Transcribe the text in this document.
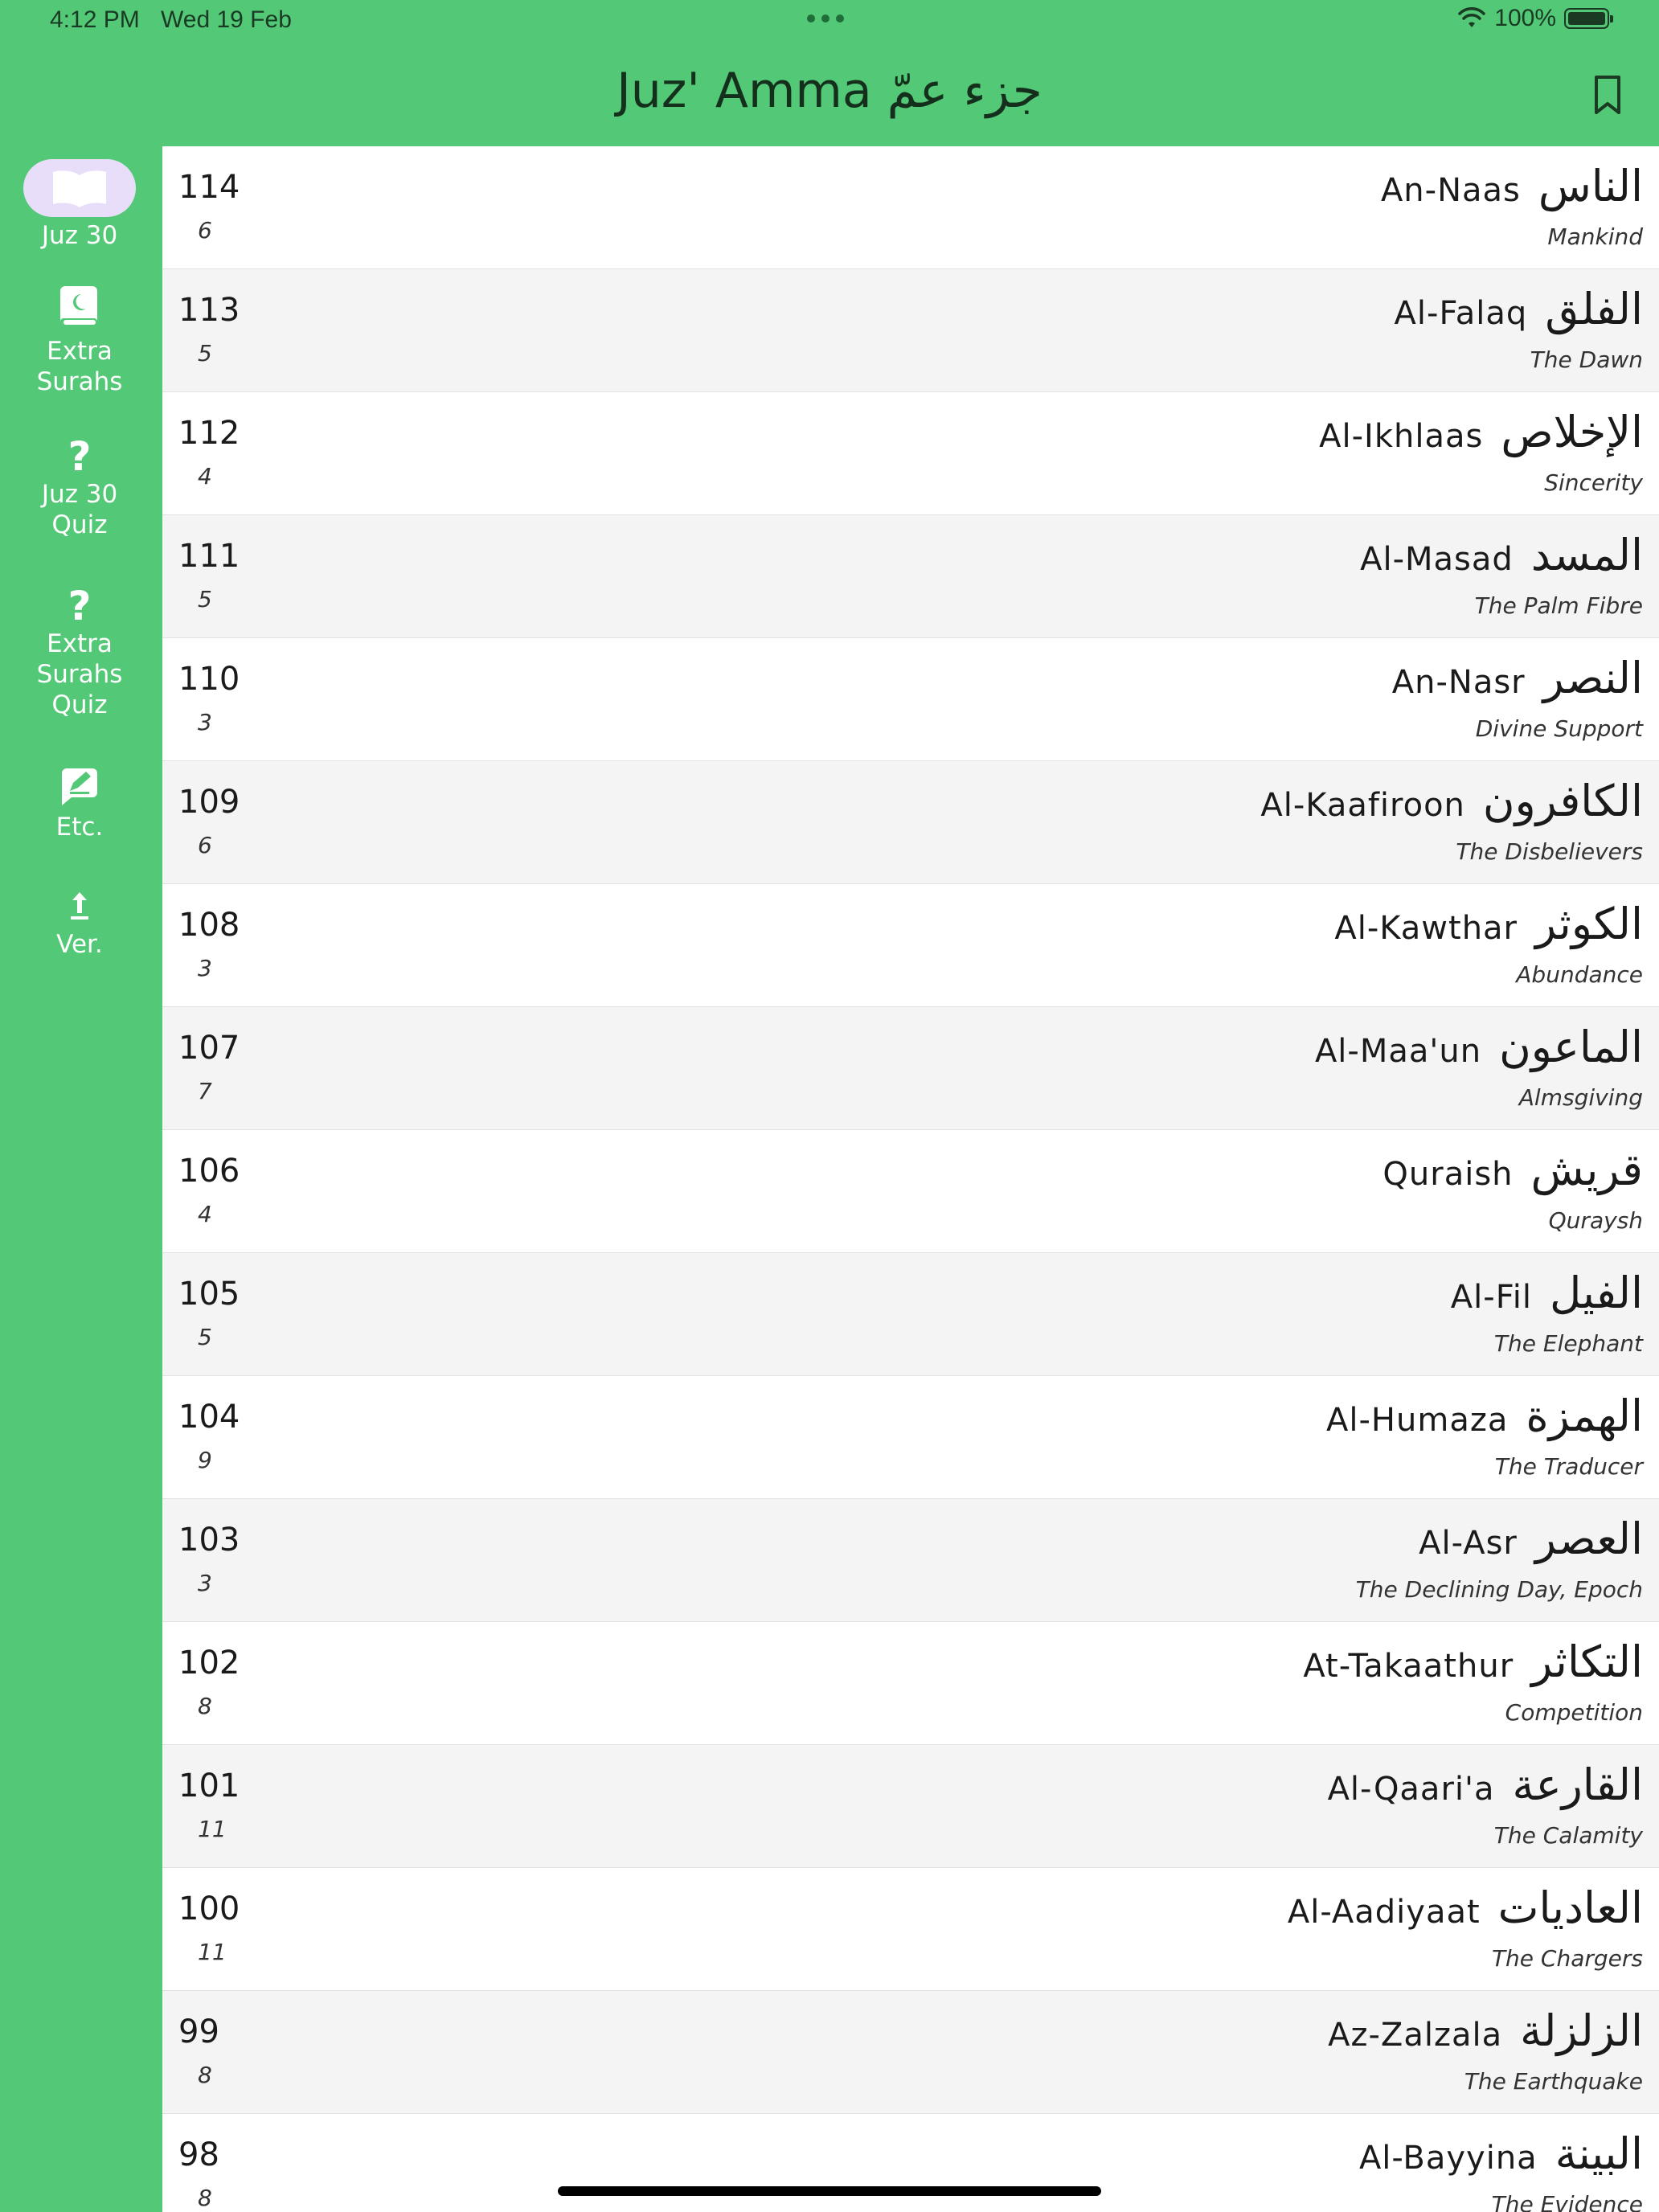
4:12 PM Wed 19 Feb	100%
Juz' Amma جزء عمّ
Juz 30
Extra Surahs
?
Juz 30 Quiz
?
Extra Surahs Quiz
Etc.
Ver.
114
6
An-Naas الناس
Mankind
113
5
Al-Falaq الفلق
The Dawn
112
4
Al-Ikhlaas الإخلاص
Sincerity
111
5
Al-Masad المسد
The Palm Fibre
110
3
An-Nasr النصر
Divine Support
109
6
Al-Kaafiroon الكافرون
The Disbelievers
108
3
Al-Kawthar الكوثر
Abundance
107
7
Al-Maa'un الماعون
Almsgiving
106
4
Quraish قريش
Quraysh
105
5
Al-Fil الفيل
The Elephant
104
9
Al-Humaza الهمزة
The Traducer
103
3
Al-Asr العصر
The Declining Day, Epoch
102
8
At-Takaathur التكاثر
Competition
101
11
Al-Qaari'a القارعة
The Calamity
100
11
Al-Aadiyaat العاديات
The Chargers
99
8
Az-Zalzala الزلزلة
The Earthquake
98
8
Al-Bayyina البينة
The Evidence
